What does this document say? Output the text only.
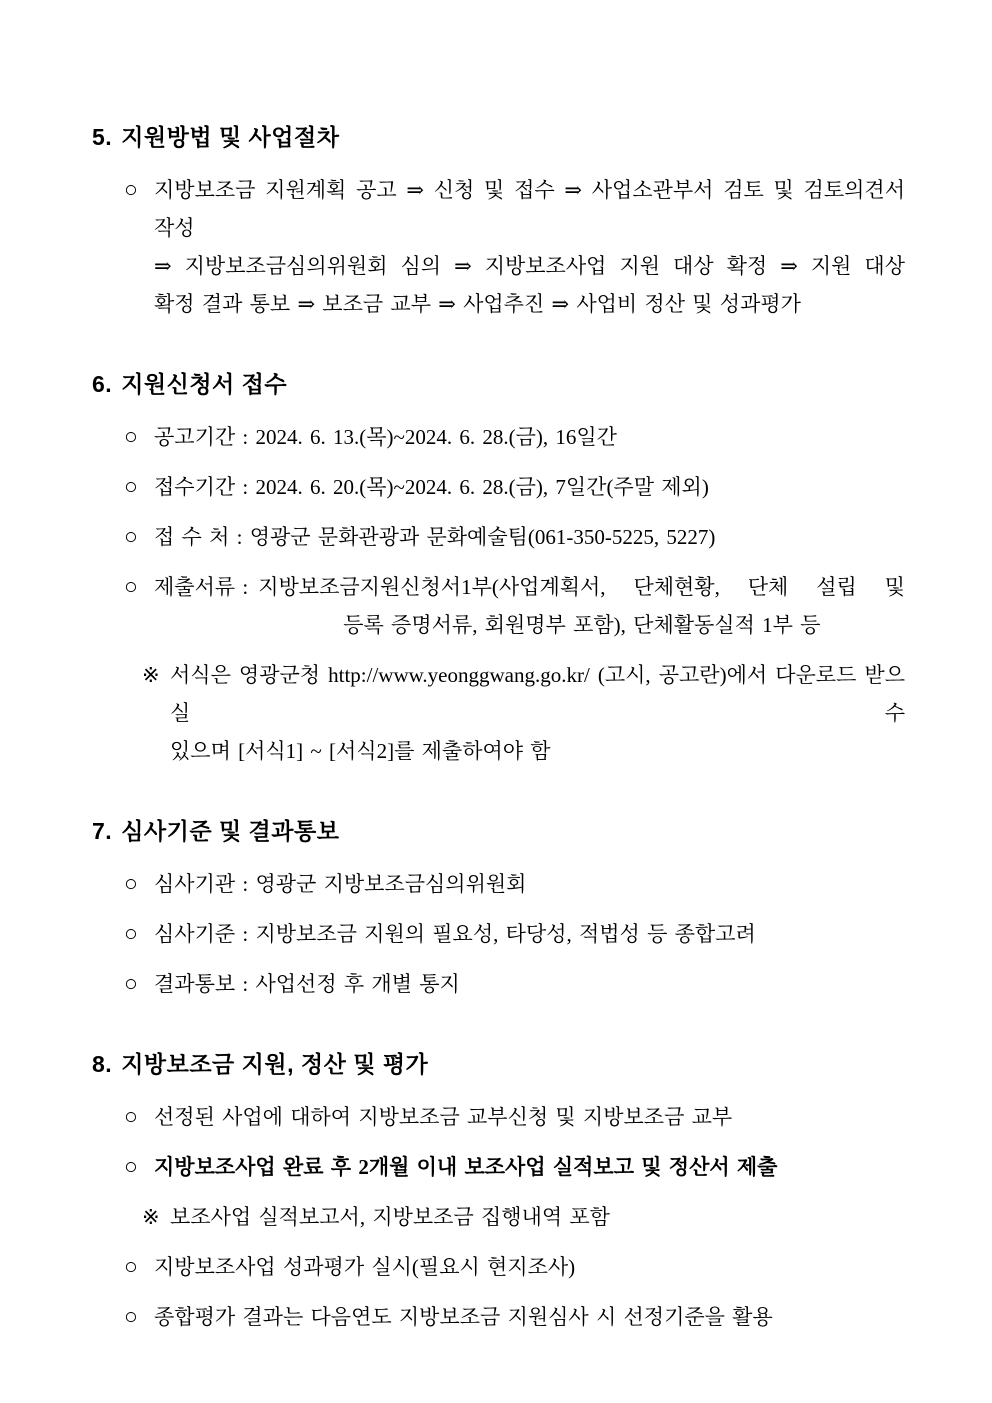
5. 지원방법 및 사업절차
○ 지방보조금 지원계획 공고 ⇒ 신청 및 접수 ⇒ 사업소관부서 검토 및 검토의견서 작성
⇒ 지방보조금심의위원회 심의 ⇒ 지방보조사업 지원 대상 확정 ⇒ 지원 대상
확정 결과 통보 ⇒ 보조금 교부 ⇒ 사업추진 ⇒ 사업비 정산 및 성과평가
6. 지원신청서 접수
○ 공고기간 : 2024. 6. 13.(목)~2024. 6. 28.(금), 16일간
○ 접수기간 : 2024. 6. 20.(목)~2024. 6. 28.(금), 7일간(주말 제외)
○ 접 수 처 : 영광군 문화관광과 문화예술팀(061-350-5225, 5227)
○ 제출서류 : 지방보조금지원신청서1부(사업계획서, 단체현황, 단체 설립 및
등록 증명서류, 회원명부 포함), 단체활동실적 1부 등
※ 서식은 영광군청 http://www.yeonggwang.go.kr/ (고시, 공고란)에서 다운로드 받으실 수
있으며 [서식1] ~ [서식2]를 제출하여야 함
7. 심사기준 및 결과통보
○ 심사기관 : 영광군 지방보조금심의위원회
○ 심사기준 : 지방보조금 지원의 필요성, 타당성, 적법성 등 종합고려
○ 결과통보 : 사업선정 후 개별 통지
8. 지방보조금 지원, 정산 및 평가
○ 선정된 사업에 대하여 지방보조금 교부신청 및 지방보조금 교부
○ 지방보조사업 완료 후 2개월 이내 보조사업 실적보고 및 정산서 제출
※ 보조사업 실적보고서, 지방보조금 집행내역 포함
○ 지방보조사업 성과평가 실시(필요시 현지조사)
○ 종합평가 결과는 다음연도 지방보조금 지원심사 시 선정기준을 활용
